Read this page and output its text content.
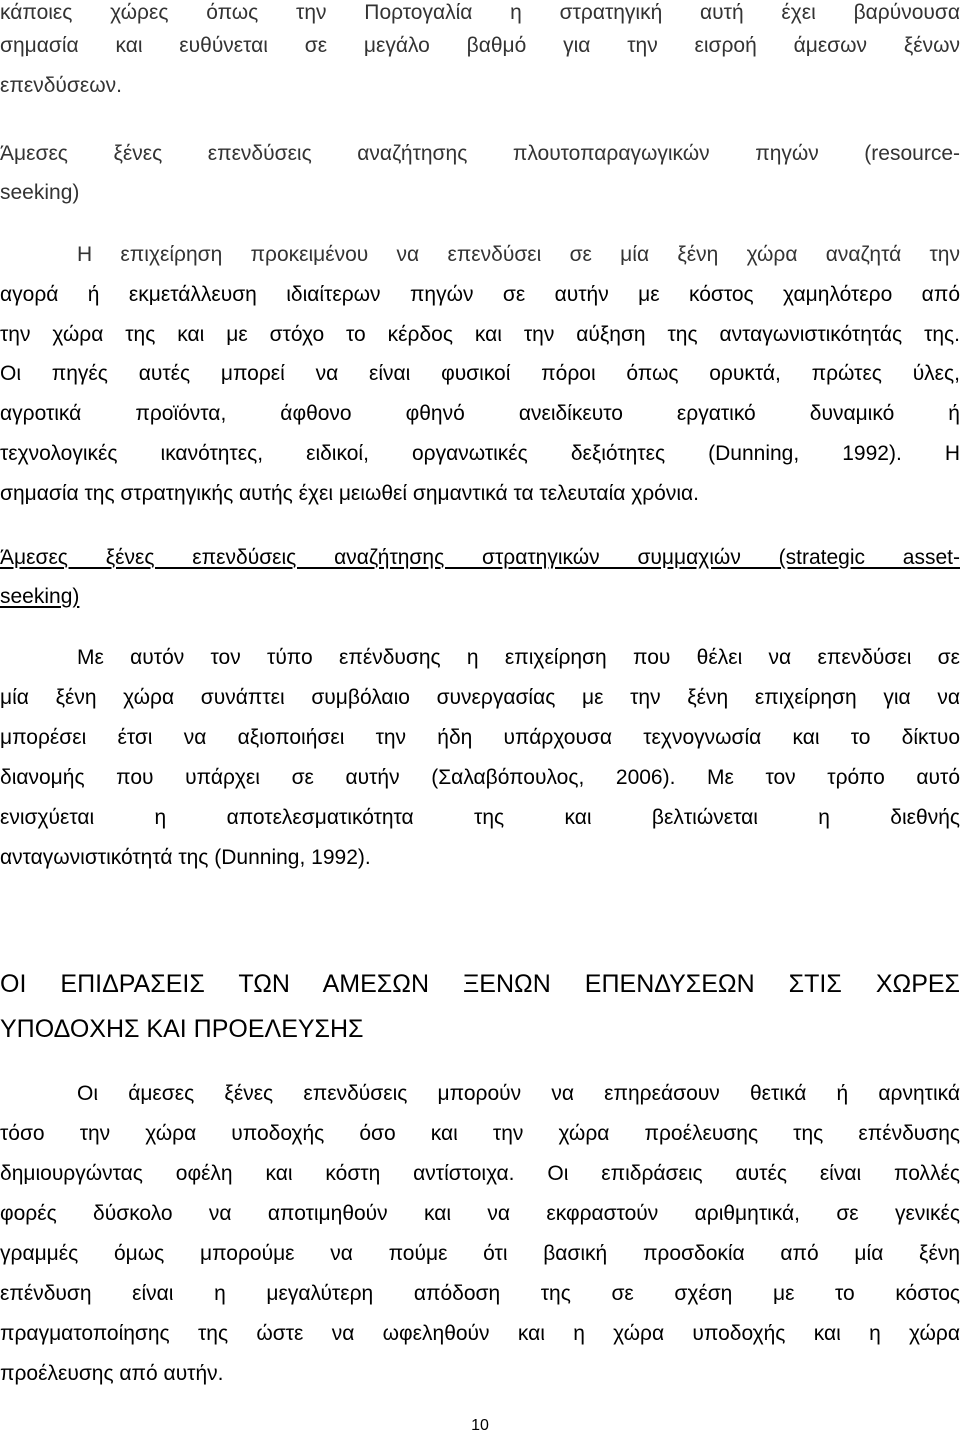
κάποιες χώρες όπως την Πορτογαλία η στρατηγική αυτή έχει βαρύνουσα
σημασία και ευθύνεται σε μεγάλο βαθμό για την εισροή άμεσων ξένων
επενδύσεων.
Άμεσες ξένες επενδύσεις αναζήτησης πλουτοπαραγωγικών πηγών (resource-
seeking)
Η επιχείρηση προκειμένου να επενδύσει σε μία ξένη χώρα αναζητά την
αγορά ή εκμετάλλευση ιδιαίτερων πηγών σε αυτήν με κόστος χαμηλότερο από
την χώρα της και με στόχο το κέρδος και την αύξηση της ανταγωνιστικότητάς της.
Οι πηγές αυτές μπορεί να είναι φυσικοί πόροι όπως ορυκτά, πρώτες ύλες,
αγροτικά προϊόντα, άφθονο φθηνό ανειδίκευτο εργατικό δυναμικό ή
τεχνολογικές ικανότητες, ειδικοί, οργανωτικές δεξιότητες (Dunning, 1992). Η
σημασία της στρατηγικής αυτής έχει μειωθεί σημαντικά τα τελευταία χρόνια.
Άμεσες ξένες επενδύσεις αναζήτησης στρατηγικών συμμαχιών (strategic asset-
seeking)
Με αυτόν τον τύπο επένδυσης η επιχείρηση που θέλει να επενδύσει σε
μία ξένη χώρα συνάπτει συμβόλαιο συνεργασίας με την ξένη επιχείρηση για να
μπορέσει έτσι να αξιοποιήσει την ήδη υπάρχουσα τεχνογνωσία και το δίκτυο
διανομής που υπάρχει σε αυτήν (Σαλαβόπουλος, 2006). Με τον τρόπο αυτό
ενισχύεται η αποτελεσματικότητα της και βελτιώνεται η διεθνής
ανταγωνιστικότητά της (Dunning, 1992).
ΟΙ ΕΠΙΔΡΑΣΕΙΣ ΤΩΝ ΑΜΕΣΩΝ ΞΕΝΩΝ ΕΠΕΝΔΥΣΕΩΝ ΣΤΙΣ ΧΩΡΕΣ
ΥΠΟΔΟΧΗΣ ΚΑΙ ΠΡΟΕΛΕΥΣΗΣ
Οι άμεσες ξένες επενδύσεις μπορούν να επηρεάσουν θετικά ή αρνητικά
τόσο την χώρα υποδοχής όσο και την χώρα προέλευσης της επένδυσης
δημιουργώντας οφέλη και κόστη αντίστοιχα. Οι επιδράσεις αυτές είναι πολλές
φορές δύσκολο να αποτιμηθούν και να εκφραστούν αριθμητικά, σε γενικές
γραμμές όμως μπορούμε να πούμε ότι βασική προσδοκία από μία ξένη
επένδυση είναι η μεγαλύτερη απόδοση της σε σχέση με το κόστος
πραγματοποίησης της ώστε να ωφεληθούν και η χώρα υποδοχής και η χώρα
προέλευσης από αυτήν.
10
